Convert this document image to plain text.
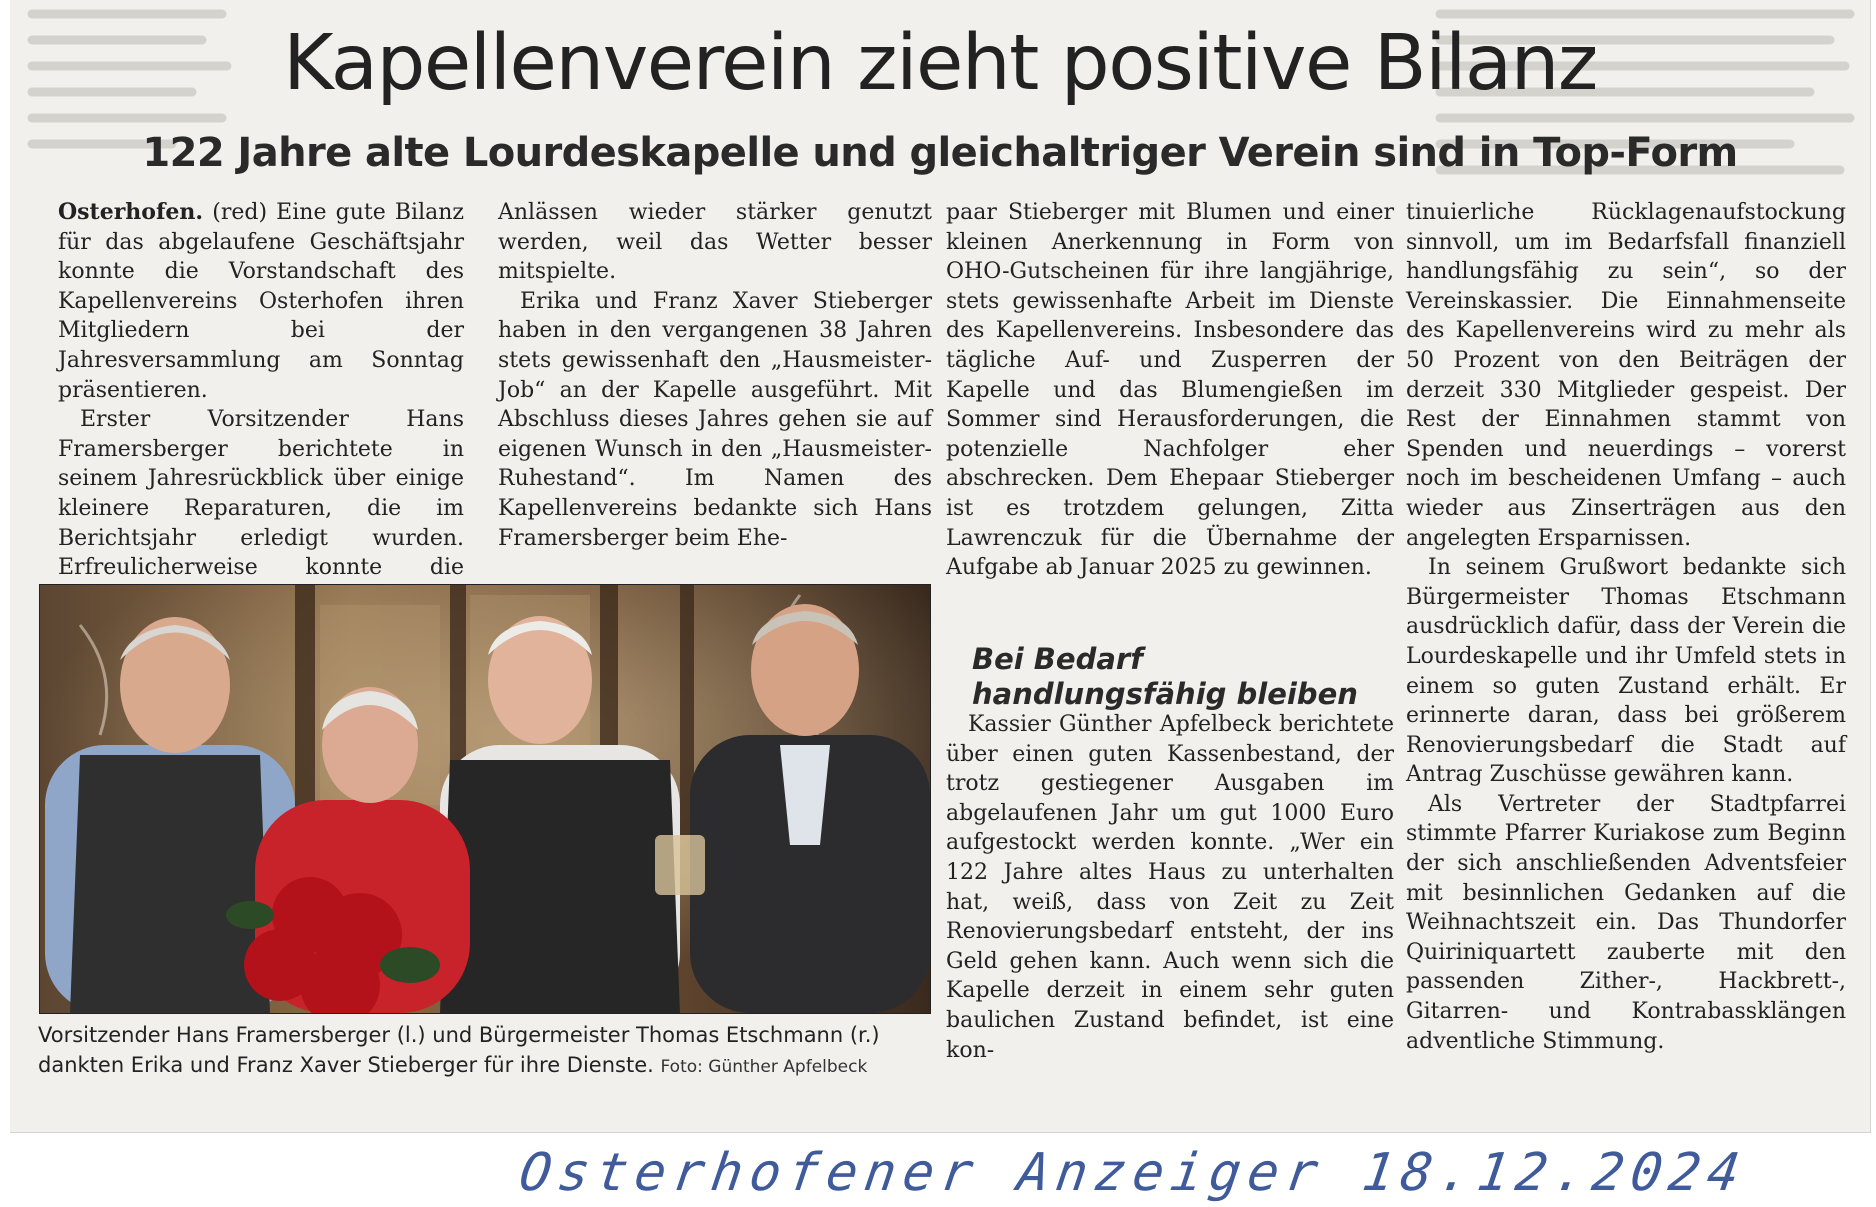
Kapellenverein zieht positive Bilanz
122 Jahre alte Lourdeskapelle und gleichaltriger Verein sind in Top-Form

Osterhofen. (red) Eine gute Bilanz für das abgelaufene Geschäftsjahr konnte die Vorstandschaft des Kapellenvereins Osterhofen ihren Mitgliedern bei der Jahresversammlung am Sonntag präsentieren.

Erster Vorsitzender Hans Framersberger berichtete in seinem Jahresrückblick über einige kleinere Reparaturen, die im Berichtsjahr erledigt wurden. Erfreulicherweise konnte die

Anlässen wieder stärker genutzt werden, weil das Wetter besser mitspielte.

Erika und Franz Xaver Stieberger haben in den vergangenen 38 Jahren stets gewissenhaft den „Hausmeister-Job“ an der Kapelle ausgeführt. Mit Abschluss dieses Jahres gehen sie auf eigenen Wunsch in den „Hausmeister-Ruhestand“. Im Namen des Kapellenvereins bedankte sich Hans Framersberger beim Ehe-

paar Stieberger mit Blumen und einer kleinen Anerkennung in Form von OHO-Gutscheinen für ihre langjährige, stets gewissenhafte Arbeit im Dienste des Kapellenvereins. Insbesondere das tägliche Auf- und Zusperren der Kapelle und das Blumengießen im Sommer sind Herausforderungen, die potenzielle Nachfolger eher abschrecken. Dem Ehepaar Stieberger ist es trotzdem gelungen, Zitta Lawrenczuk für die Übernahme der Aufgabe ab Januar 2025 zu gewinnen.

Bei Bedarf handlungsfähig bleiben

Kassier Günther Apfelbeck berichtete über einen guten Kassenbestand, der trotz gestiegener Ausgaben im abgelaufenen Jahr um gut 1000 Euro aufgestockt werden konnte. „Wer ein 122 Jahre altes Haus zu unterhalten hat, weiß, dass von Zeit zu Zeit Renovierungsbedarf entsteht, der ins Geld gehen kann. Auch wenn sich die Kapelle derzeit in einem sehr guten baulichen Zustand befindet, ist eine kon-

tinuierliche Rücklagenaufstockung sinnvoll, um im Bedarfsfall finanziell handlungsfähig zu sein“, so der Vereinskassier. Die Einnahmenseite des Kapellenvereins wird zu mehr als 50 Prozent von den Beiträgen der derzeit 330 Mitglieder gespeist. Der Rest der Einnahmen stammt von Spenden und neuerdings – vorerst noch im bescheidenen Umfang – auch wieder aus Zinserträgen aus den angelegten Ersparnissen.

In seinem Grußwort bedankte sich Bürgermeister Thomas Etschmann ausdrücklich dafür, dass der Verein die Lourdeskapelle und ihr Umfeld stets in einem so guten Zustand erhält. Er erinnerte daran, dass bei größerem Renovierungsbedarf die Stadt auf Antrag Zuschüsse gewähren kann.

Als Vertreter der Stadtpfarrei stimmte Pfarrer Kuriakose zum Beginn der sich anschließenden Adventsfeier mit besinnlichen Gedanken auf die Weihnachtszeit ein. Das Thundorfer Quiriniquartett zauberte mit den passenden Zither-, Hackbrett-, Gitarren- und Kontrabassklängen adventliche Stimmung.

Vorsitzender Hans Framersberger (l.) und Bürgermeister Thomas Etschmann (r.) dankten Erika und Franz Xaver Stieberger für ihre Dienste. Foto: Günther Apfelbeck
Osterhofener Anzeiger 18.12.2024
